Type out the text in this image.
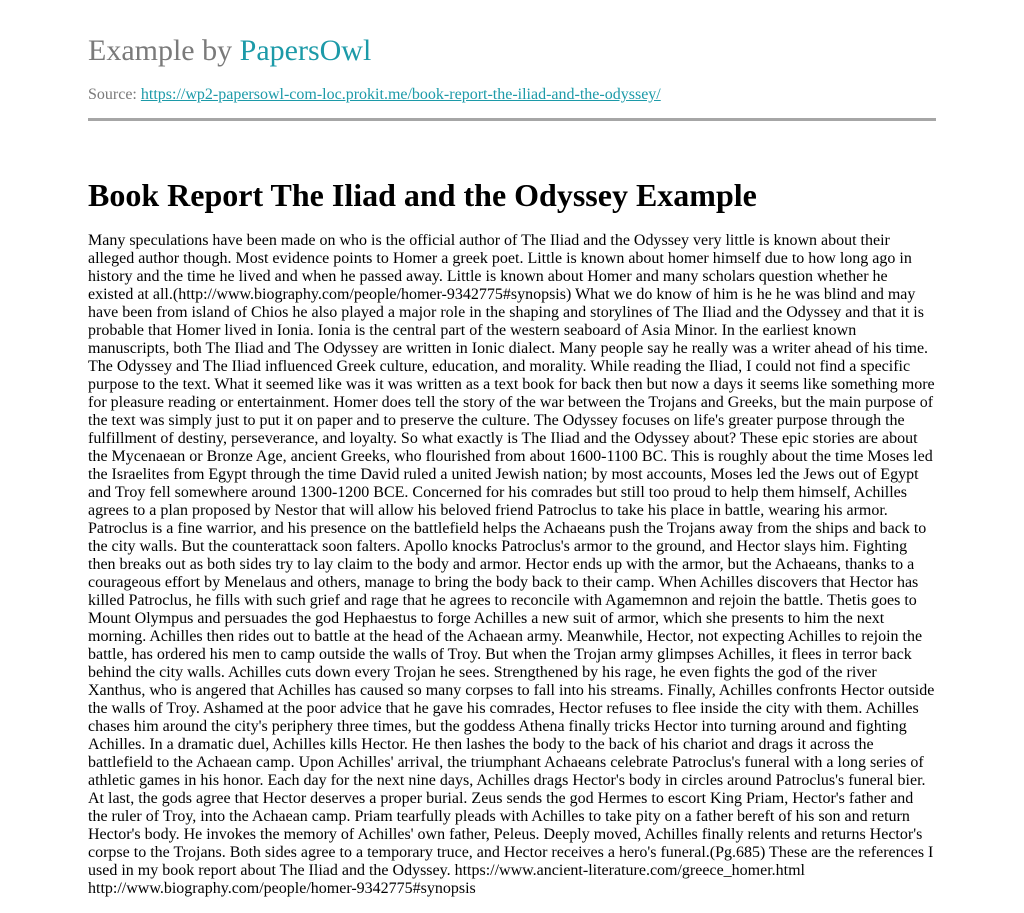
Example by PapersOwl
Source: https://wp2-papersowl-com-loc.prokit.me/book-report-the-iliad-and-the-odyssey/
Book Report The Iliad and the Odyssey Example
Many speculations have been made on who is the official author of The Iliad and the Odyssey very little is known about their alleged author though. Most evidence points to Homer a greek poet. Little is known about homer himself due to how long ago in history and the time he lived and when he passed away. Little is known about Homer and many scholars question whether he existed at all.(http://www.biography.com/people/homer-9342775#synopsis) What we do know of him is he he was blind and may have been from island of Chios he also played a major role in the shaping and storylines of The Iliad and the Odyssey and that it is probable that Homer lived in Ionia. Ionia is the central part of the western seaboard of Asia Minor. In the earliest known manuscripts, both The Iliad and The Odyssey are written in Ionic dialect. Many people say he really was a writer ahead of his time. The Odyssey and The Iliad influenced Greek culture, education, and morality. While reading the Iliad, I could not find a specific purpose to the text. What it seemed like was it was written as a text book for back then but now a days it seems like something more for pleasure reading or entertainment. Homer does tell the story of the war between the Trojans and Greeks, but the main purpose of the text was simply just to put it on paper and to preserve the culture. The Odyssey focuses on life's greater purpose through the fulfillment of destiny, perseverance, and loyalty. So what exactly is The Iliad and the Odyssey about? These epic stories are about the Mycenaean or Bronze Age, ancient Greeks, who flourished from about 1600-1100 BC. This is roughly about the time Moses led the Israelites from Egypt through the time David ruled a united Jewish nation; by most accounts, Moses led the Jews out of Egypt and Troy fell somewhere around 1300-1200 BCE. Concerned for his comrades but still too proud to help them himself, Achilles agrees to a plan proposed by Nestor that will allow his beloved friend Patroclus to take his place in battle, wearing his armor. Patroclus is a fine warrior, and his presence on the battlefield helps the Achaeans push the Trojans away from the ships and back to the city walls. But the counterattack soon falters. Apollo knocks Patroclus's armor to the ground, and Hector slays him. Fighting then breaks out as both sides try to lay claim to the body and armor. Hector ends up with the armor, but the Achaeans, thanks to a courageous effort by Menelaus and others, manage to bring the body back to their camp. When Achilles discovers that Hector has killed Patroclus, he fills with such grief and rage that he agrees to reconcile with Agamemnon and rejoin the battle. Thetis goes to Mount Olympus and persuades the god Hephaestus to forge Achilles a new suit of armor, which she presents to him the next morning. Achilles then rides out to battle at the head of the Achaean army. Meanwhile, Hector, not expecting Achilles to rejoin the battle, has ordered his men to camp outside the walls of Troy. But when the Trojan army glimpses Achilles, it flees in terror back behind the city walls. Achilles cuts down every Trojan he sees. Strengthened by his rage, he even fights the god of the river Xanthus, who is angered that Achilles has caused so many corpses to fall into his streams. Finally, Achilles confronts Hector outside the walls of Troy. Ashamed at the poor advice that he gave his comrades, Hector refuses to flee inside the city with them. Achilles chases him around the city's periphery three times, but the goddess Athena finally tricks Hector into turning around and fighting Achilles. In a dramatic duel, Achilles kills Hector. He then lashes the body to the back of his chariot and drags it across the battlefield to the Achaean camp. Upon Achilles' arrival, the triumphant Achaeans celebrate Patroclus's funeral with a long series of athletic games in his honor. Each day for the next nine days, Achilles drags Hector's body in circles around Patroclus's funeral bier. At last, the gods agree that Hector deserves a proper burial. Zeus sends the god Hermes to escort King Priam, Hector's father and the ruler of Troy, into the Achaean camp. Priam tearfully pleads with Achilles to take pity on a father bereft of his son and return Hector's body. He invokes the memory of Achilles' own father, Peleus. Deeply moved, Achilles finally relents and returns Hector's corpse to the Trojans. Both sides agree to a temporary truce, and Hector receives a hero's funeral.(Pg.685) These are the references I used in my book report about The Iliad and the Odyssey. https://www.ancient-literature.com/greece_homer.html http://www.biography.com/people/homer-9342775#synopsis
